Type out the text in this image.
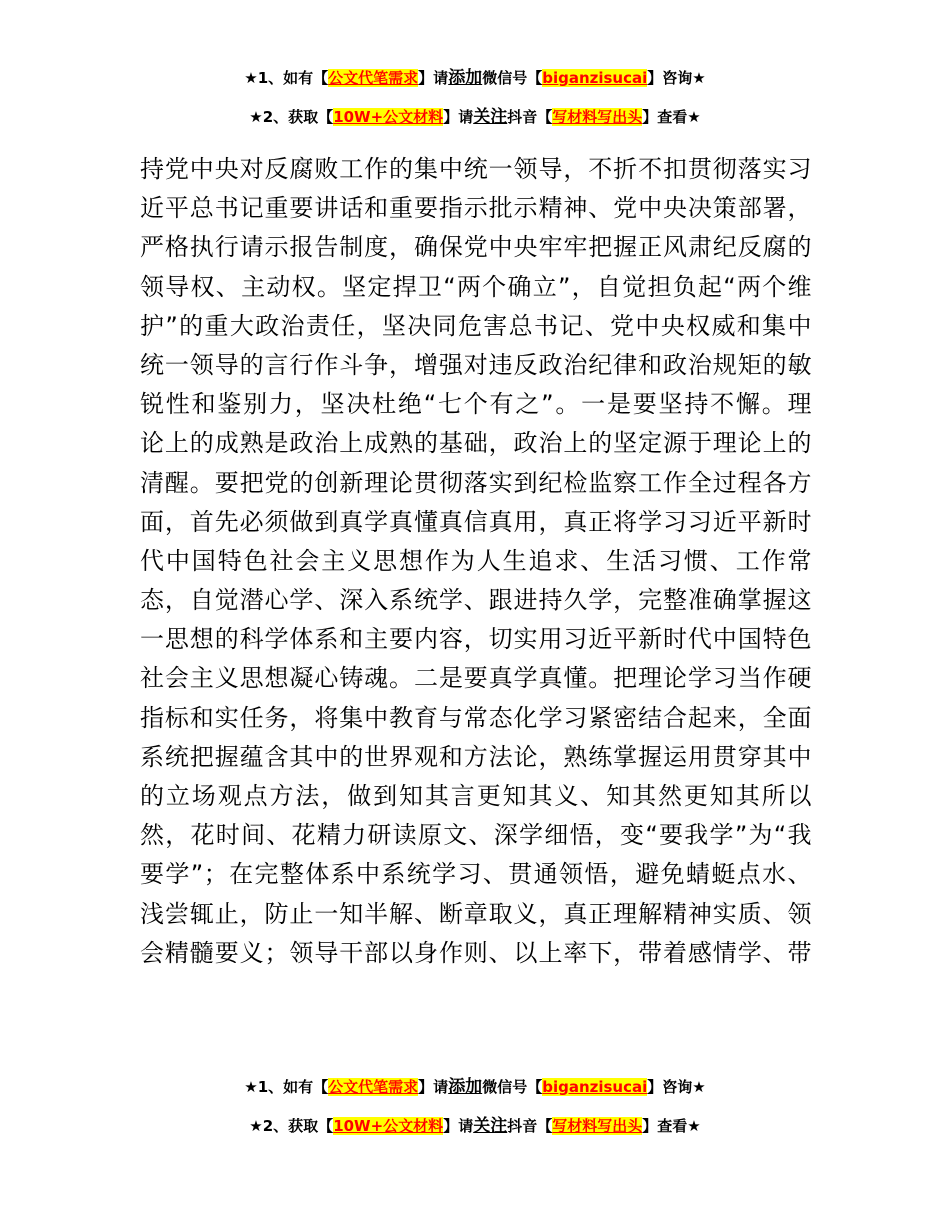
★1、如有【公文代笔需求】请添加微信号【biganzisucai】咨询★
★2、获取【10W+公文材料】请关注抖音【写材料写出头】查看★
持党中央对反腐败工作的集中统一领导，不折不扣贯彻落实习
近平总书记重要讲话和重要指示批示精神、党中央决策部署，
严格执行请示报告制度，确保党中央牢牢把握正风肃纪反腐的
领导权、主动权。坚定捍卫“两个确立”，自觉担负起“两个维
护”的重大政治责任，坚决同危害总书记、党中央权威和集中
统一领导的言行作斗争，增强对违反政治纪律和政治规矩的敏
锐性和鉴别力，坚决杜绝“七个有之”。一是要坚持不懈。理
论上的成熟是政治上成熟的基础，政治上的坚定源于理论上的
清醒。要把党的创新理论贯彻落实到纪检监察工作全过程各方
面，首先必须做到真学真懂真信真用，真正将学习习近平新时
代中国特色社会主义思想作为人生追求、生活习惯、工作常
态，自觉潜心学、深入系统学、跟进持久学，完整准确掌握这
一思想的科学体系和主要内容，切实用习近平新时代中国特色
社会主义思想凝心铸魂。二是要真学真懂。把理论学习当作硬
指标和实任务，将集中教育与常态化学习紧密结合起来，全面
系统把握蕴含其中的世界观和方法论，熟练掌握运用贯穿其中
的立场观点方法，做到知其言更知其义、知其然更知其所以
然，花时间、花精力研读原文、深学细悟，变“要我学”为“我
要学”；在完整体系中系统学习、贯通领悟，避免蜻蜓点水、
浅尝辄止，防止一知半解、断章取义，真正理解精神实质、领
会精髓要义；领导干部以身作则、以上率下，带着感情学、带
★1、如有【公文代笔需求】请添加微信号【biganzisucai】咨询★
★2、获取【10W+公文材料】请关注抖音【写材料写出头】查看★
